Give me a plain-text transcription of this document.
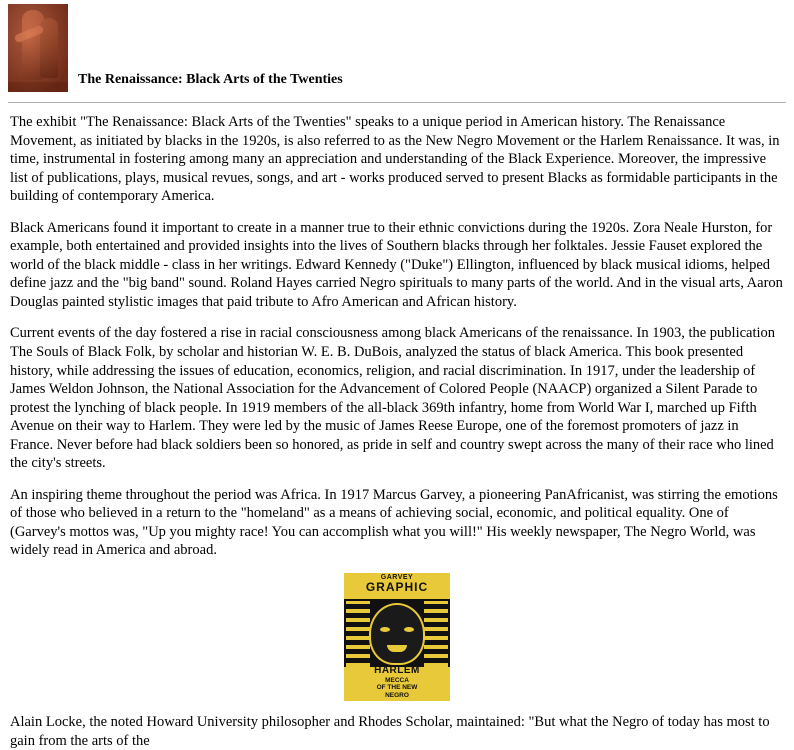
The Renaissance: Black Arts of the Twenties

The exhibit "The Renaissance: Black Arts of the Twenties" speaks to a unique period in American history. The Renaissance Movement, as initiated by blacks in the 1920s, is also referred to as the New Negro Movement or the Harlem Renaissance. It was, in time, instrumental in fostering among many an appreciation and understanding of the Black Experience. Moreover, the impressive list of publications, plays, musical revues, songs, and art - works produced served to present Blacks as formidable participants in the building of contemporary America.

Black Americans found it important to create in a manner true to their ethnic convictions during the 1920s. Zora Neale Hurston, for example, both entertained and provided insights into the lives of Southern blacks through her folktales. Jessie Fauset explored the world of the black middle - class in her writings. Edward Kennedy ("Duke") Ellington, influenced by black musical idioms, helped define jazz and the "big band" sound. Roland Hayes carried Negro spirituals to many parts of the world. And in the visual arts, Aaron Douglas painted stylistic images that paid tribute to Afro American and African history.

Current events of the day fostered a rise in racial consciousness among black Americans of the renaissance. In 1903, the publication The Souls of Black Folk, by scholar and historian W. E. B. DuBois, analyzed the status of black America. This book presented history, while addressing the issues of education, economics, religion, and racial discrimination. In 1917, under the leadership of James Weldon Johnson, the National Association for the Advancement of Colored People (NAACP) organized a Silent Parade to protest the lynching of black people. In 1919 members of the all-black 369th infantry, home from World War I, marched up Fifth Avenue on their way to Harlem. They were led by the music of James Reese Europe, one of the foremost promoters of jazz in France. Never before had black soldiers been so honored, as pride in self and country swept across the many of their race who lined the city's streets.

An inspiring theme throughout the period was Africa. In 1917 Marcus Garvey, a pioneering PanAfricanist, was stirring the emotions of those who believed in a return to the "homeland" as a means of achieving social, economic, and political equality. One of (Garvey's mottos was, "Up you mighty race! You can accomplish what you will!" His weekly newspaper, The Negro World, was widely read in America and abroad.

GARVEY
GRAPHIC
HARLEM
MECCA
OF THE NEW
NEGRO

Alain Locke, the noted Howard University philosopher and Rhodes Scholar, maintained: "But what the Negro of today has most to gain from the arts of the
